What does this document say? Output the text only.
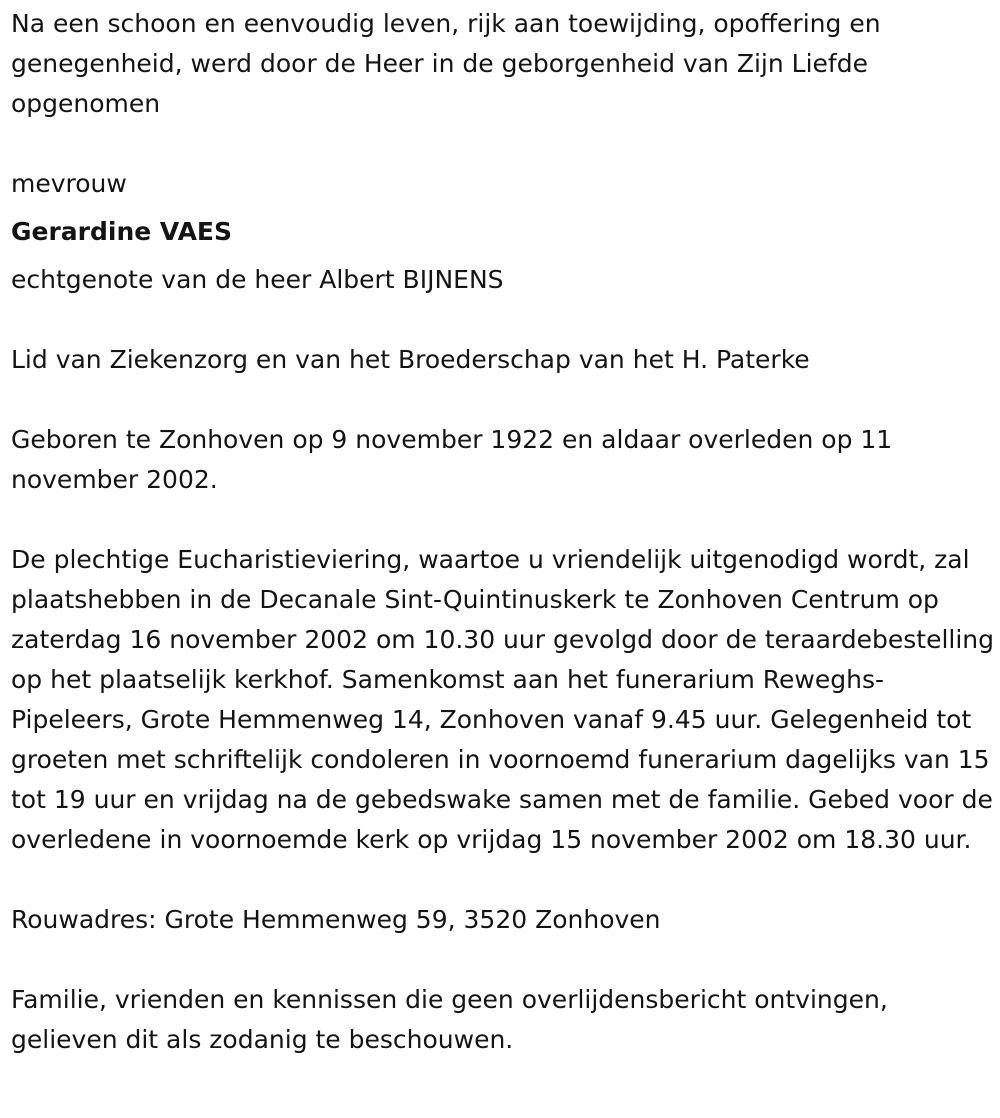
Na een schoon en eenvoudig leven, rijk aan toewijding, opoffering en genegenheid, werd door de Heer in de geborgenheid van Zijn Liefde opgenomen

mevrouw

Gerardine VAES

echtgenote van de heer Albert BIJNENS

Lid van Ziekenzorg en van het Broederschap van het H. Paterke

Geboren te Zonhoven op 9 november 1922 en aldaar overleden op 11 november 2002.

De plechtige Eucharistieviering, waartoe u vriendelijk uitgenodigd wordt, zal plaatshebben in de Decanale Sint-Quintinuskerk te Zonhoven Centrum op zaterdag 16 november 2002 om 10.30 uur gevolgd door de teraardebestelling op het plaatselijk kerkhof. Samenkomst aan het funerarium Reweghs-Pipeleers, Grote Hemmenweg 14, Zonhoven vanaf 9.45 uur. Gelegenheid tot groeten met schriftelijk condoleren in voornoemd funerarium dagelijks van 15 tot 19 uur en vrijdag na de gebedswake samen met de familie. Gebed voor de overledene in voornoemde kerk op vrijdag 15 november 2002 om 18.30 uur.

Rouwadres: Grote Hemmenweg 59, 3520 Zonhoven

Familie, vrienden en kennissen die geen overlijdensbericht ontvingen, gelieven dit als zodanig te beschouwen.
